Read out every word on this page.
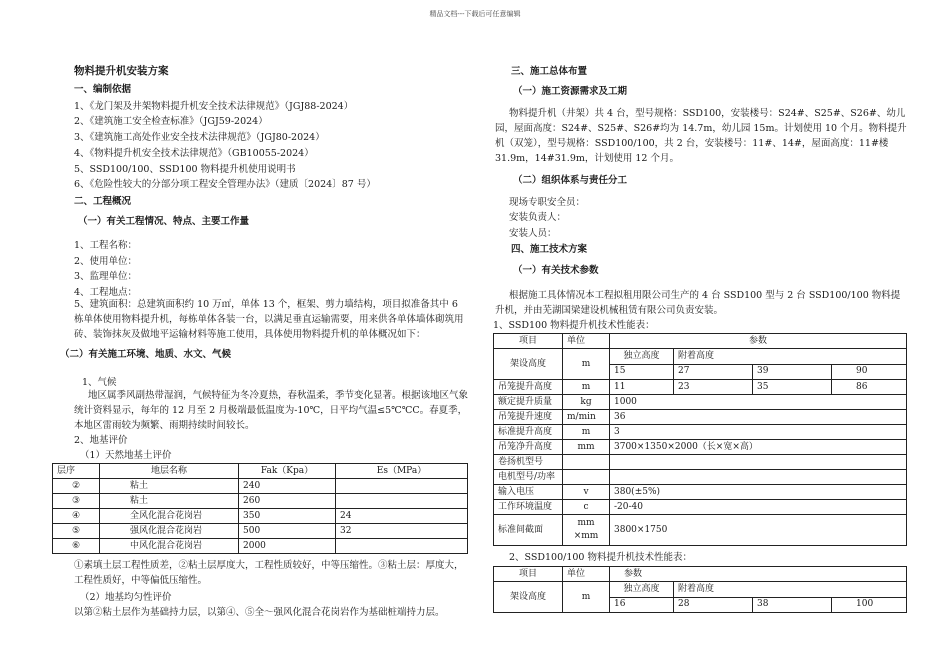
精品文档---下载后可任意编辑
物料提升机安装方案
一、编制依据
1、《龙门架及井架物料提升机安全技术法律规范》（JGJ88-2024）
2、《建筑施工安全检查标准》（JGJ59-2024）
3、《建筑施工高处作业安全技术法律规范》（JGJ80-2024）
4、《物料提升机安全技术法律规范》（GB10055-2024）
5、SSD100/100、SSD100 物料提升机使用说明书
6、《危险性较大的分部分项工程安全管理办法》（建质〔2024〕87 号）
二、工程概况
（一）有关工程情况、特点、主要工作量
1、工程名称：
2、使用单位：
3、监理单位：
4、工程地点：
5、建筑面积：总建筑面积约 10 万㎡，单体 13 个，框架、剪力墙结构，项目拟准备其中 6 栋单体使用物料提升机，每栋单体各装一台，以满足垂直运输需要，用来供各单体墙体砌筑用砖、装饰抹灰及做地平运输材料等施工使用，具体使用物料提升机的单体概况如下：
（二）有关施工环境、地质、水文、气候
1、气候
地区属季风副热带湿润，气候特征为冬冷夏热，春秋温柔，季节变化显著。根据该地区气象统计资料显示，每年的 12 月至 2 月极端最低温度为-10℃，日平均气温≤5℃℃C。春夏季，本地区雷雨较为频繁、雨期持续时间较长。
2、地基评价
（1）天然地基土评价
层序	地层名称	Fak（Kpa）	Es（MPa）
②	粘土	240	
③	粘土	260	
④	全风化混合花岗岩	350	24
⑤	强风化混合花岗岩	500	32
⑥	中风化混合花岗岩	2000	
①素填土层工程性质差，②粘土层厚度大，工程性质较好，中等压缩性。③粘土层：厚度大，工程性质好，中等偏低压缩性。
（2）地基均匀性评价
以第②粘土层作为基础持力层，以第④、⑤全～强风化混合花岗岩作为基础桩端持力层。
三、施工总体布置
（一）施工资源需求及工期
物料提升机（井架）共 4 台，型号规格：SSD100，安装楼号：S24#、S25#、S26#、幼儿园，屋面高度：S24#、S25#、S26#均为 14.7m，幼儿园 15m。计划使用 10 个月。物料提升机（双笼），型号规格：SSD100/100，共 2 台，安装楼号：11#、14#，屋面高度：11#楼 31.9m，14#31.9m，计划使用 12 个月。
（二）组织体系与责任分工
现场专职安全员：
安装负责人：
安装人员：
四、施工技术方案
（一）有关技术参数
根据施工具体情况本工程拟租用限公司生产的 4 台 SSD100 型与 2 台 SSD100/100 物料提升机，并由芜湖国梁建设机械租赁有限公司负责安装。
1、SSD100 物料提升机技术性能表：
项目	单位	参数			
架设高度	m	独立高度	附着高度		
		15	27	39	90
吊笼提升高度	m	11	23	35	86
额定提升质量	kg	1000			
吊笼提升速度	m/min	36			
标准提升高度	m	3			
吊笼净升高度	mm	3700×1350×2000（长×宽×高）			
卷扬机型号					
电机型号/功率					
输入电压	v	380(±5%)			
工作环境温度	c	-20-40			
标准间截面	mm
×mm	3800×1750			
2、SSD100/100 物料提升机技术性能表：
项目	单位	参数			
架设高度	m	独立高度	附着高度		
		16	28	38	100
